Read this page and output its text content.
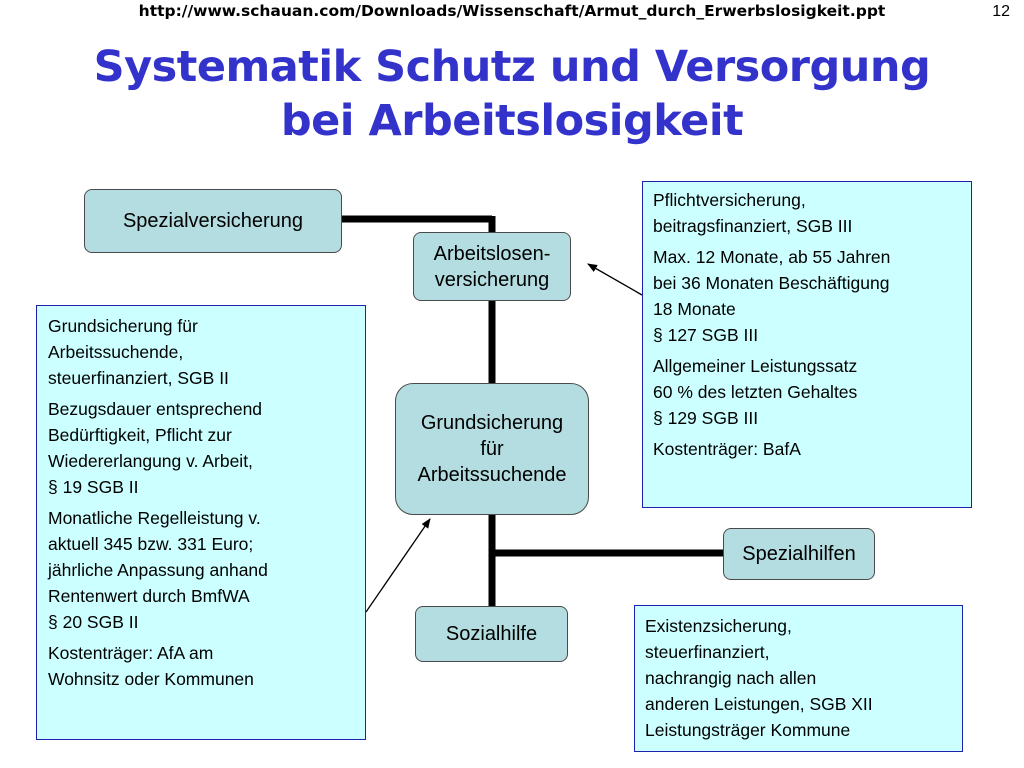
http://www.schauan.com/Downloads/Wissenschaft/Armut_durch_Erwerbslosigkeit.ppt	12
Systematik Schutz und Versorgung
bei Arbeitslosigkeit
Spezialversicherung
Arbeitslosen-
versicherung
Grundsicherung
für
Arbeitssuchende
Spezialhilfen
Sozialhilfe

Grundsicherung für
Arbeitssuchende,
steuerfinanziert, SGB II

Bezugsdauer entsprechend
Bedürftigkeit, Pflicht zur
Wiedererlangung v. Arbeit,
§ 19 SGB II

Monatliche Regelleistung v.
aktuell 345 bzw. 331 Euro;
jährliche Anpassung anhand
Rentenwert durch BmfWA
§ 20 SGB II

Kostenträger: AfA am
Wohnsitz oder Kommunen

Pflichtversicherung,
beitragsfinanziert, SGB III

Max. 12 Monate, ab 55 Jahren
bei 36 Monaten Beschäftigung
18 Monate
§ 127 SGB III

Allgemeiner Leistungssatz
60 % des letzten Gehaltes
§ 129 SGB III

Kostenträger: BafA

Existenzsicherung,
steuerfinanziert,
nachrangig nach allen
anderen Leistungen, SGB XII
Leistungsträger Kommune
